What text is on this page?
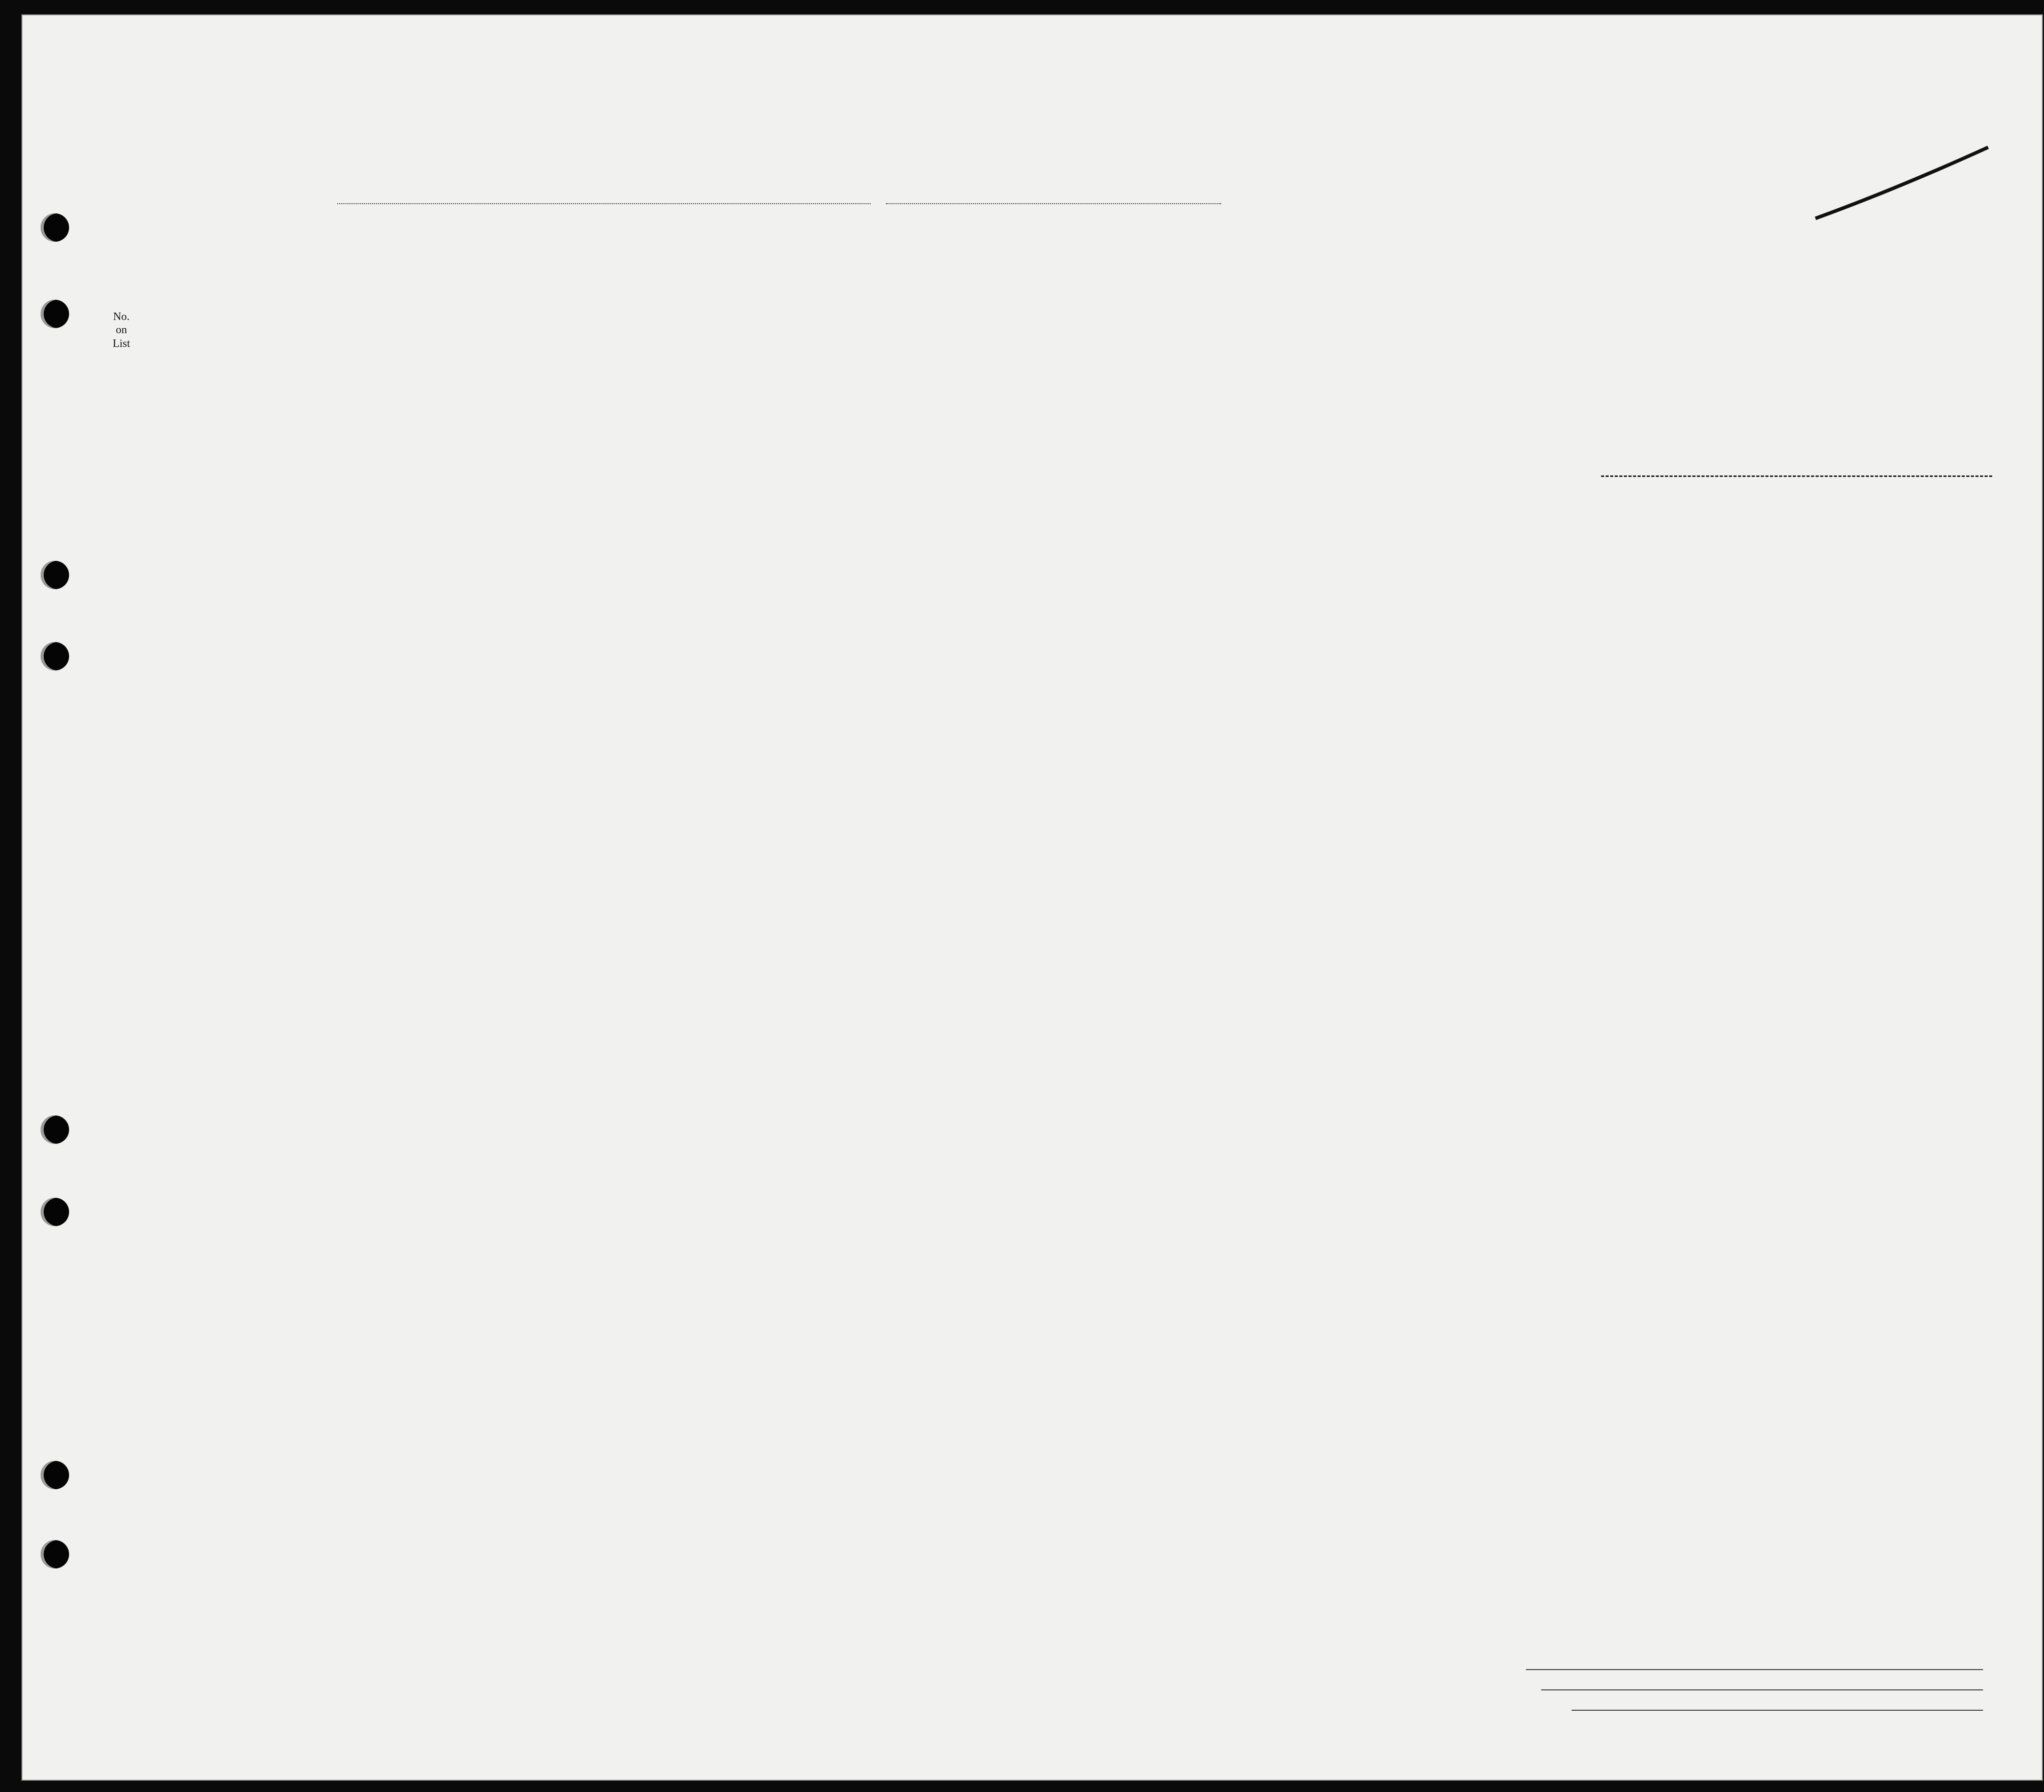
No.
on
List
